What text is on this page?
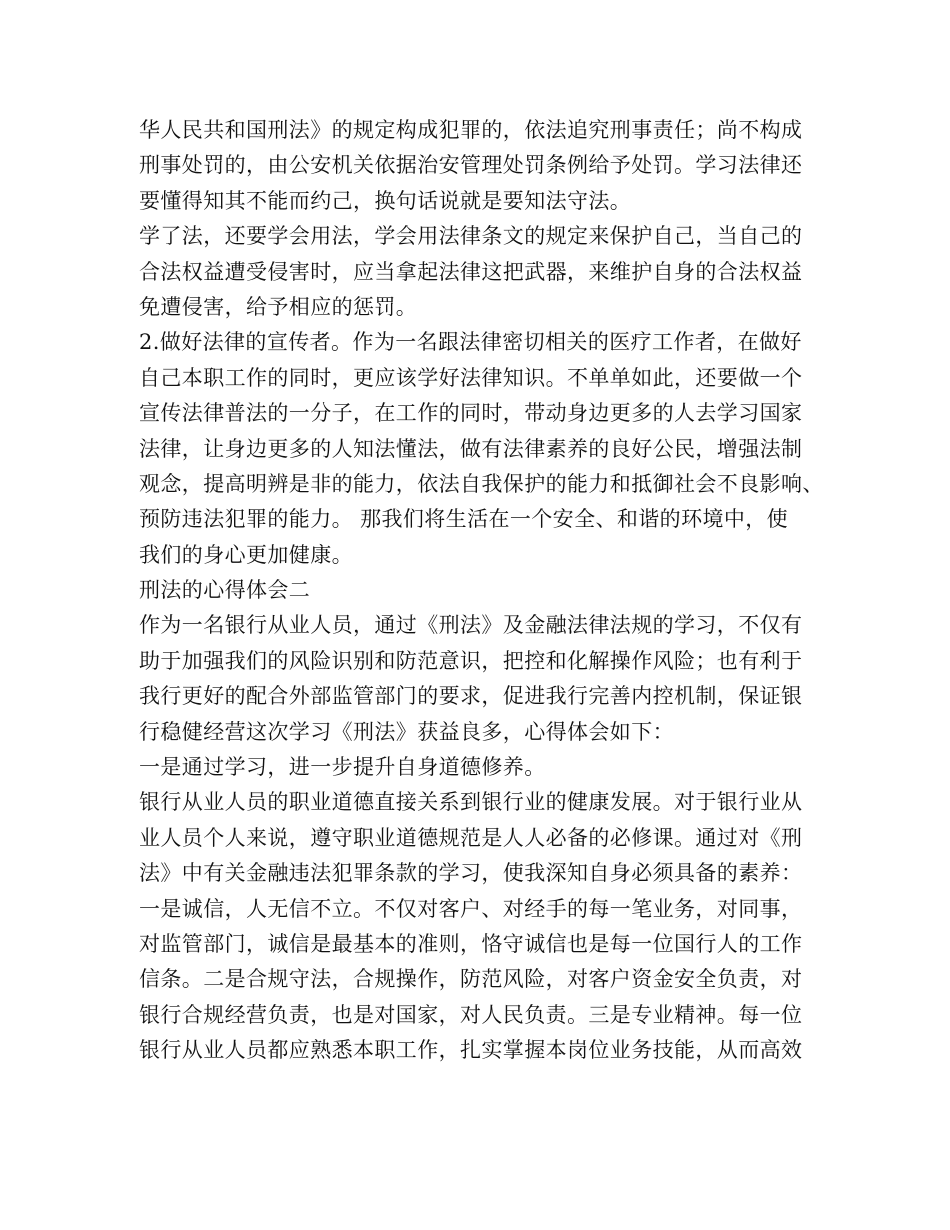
华人民共和国刑法》的规定构成犯罪的，依法追究刑事责任；尚不构成
刑事处罚的，由公安机关依据治安管理处罚条例给予处罚。学习法律还
要懂得知其不能而约己，换句话说就是要知法守法。
学了法，还要学会用法，学会用法律条文的规定来保护自己，当自己的
合法权益遭受侵害时，应当拿起法律这把武器，来维护自身的合法权益
免遭侵害，给予相应的惩罚。
2.做好法律的宣传者。作为一名跟法律密切相关的医疗工作者，在做好
自己本职工作的同时，更应该学好法律知识。不单单如此，还要做一个
宣传法律普法的一分子，在工作的同时，带动身边更多的人去学习国家
法律，让身边更多的人知法懂法，做有法律素养的良好公民，增强法制
观念，提高明辨是非的能力，依法自我保护的能力和抵御社会不良影响、
预防违法犯罪的能力。 那我们将生活在一个安全、和谐的环境中，使
我们的身心更加健康。
刑法的心得体会二
作为一名银行从业人员，通过《刑法》及金融法律法规的学习，不仅有
助于加强我们的风险识别和防范意识，把控和化解操作风险；也有利于
我行更好的配合外部监管部门的要求，促进我行完善内控机制，保证银
行稳健经营这次学习《刑法》获益良多，心得体会如下：
一是通过学习，进一步提升自身道德修养。
银行从业人员的职业道德直接关系到银行业的健康发展。对于银行业从
业人员个人来说，遵守职业道德规范是人人必备的必修课。通过对《刑
法》中有关金融违法犯罪条款的学习，使我深知自身必须具备的素养：
一是诚信，人无信不立。不仅对客户、对经手的每一笔业务，对同事，
对监管部门，诚信是最基本的准则，恪守诚信也是每一位国行人的工作
信条。二是合规守法，合规操作，防范风险，对客户资金安全负责，对
银行合规经营负责，也是对国家，对人民负责。三是专业精神。每一位
银行从业人员都应熟悉本职工作，扎实掌握本岗位业务技能，从而高效
